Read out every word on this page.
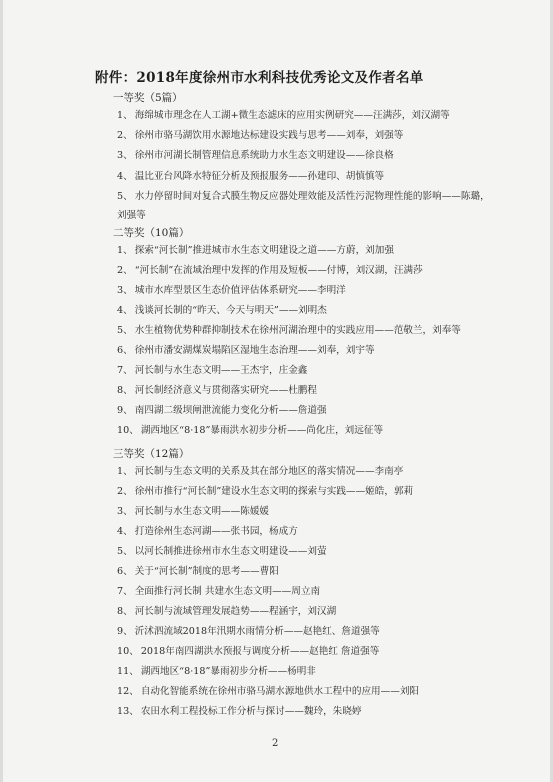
附件：2018年度徐州市水利科技优秀论文及作者名单
一等奖（5篇）
1、 海绵城市理念在人工湖+微生态滤床的应用实例研究——汪满莎，刘汉湖等
2、 徐州市骆马湖饮用水源地达标建设实践与思考——刘奉，刘强等
3、 徐州市河湖长制管理信息系统助力水生态文明建设——徐良格
4、 温比亚台风降水特征分析及预报服务——孙建印、胡慎慎等
5、 水力停留时间对复合式膜生物反应器处理效能及活性污泥物理性能的影响——陈璐，
刘强等
二等奖（10篇）
1、 探索“河长制”推进城市水生态文明建设之道——方蔚，刘加强
2、 “河长制”在流域治理中发挥的作用及短板——付博，刘汉湖，汪满莎
3、 城市水库型景区生态价值评估体系研究——李明洋
4、 浅谈河长制的“昨天、今天与明天”——刘明杰
5、 水生植物优势种群抑制技术在徐州河湖治理中的实践应用——范敬兰，刘奉等
6、 徐州市潘安湖煤炭塌陷区湿地生态治理——刘奉，刘宇等
7、 河长制与水生态文明——王杰宇，庄金鑫
8、 河长制经济意义与贯彻落实研究——杜鹏程
9、 南四湖二级坝闸泄流能力变化分析——詹道强
10、 湖西地区“8·18”暴雨洪水初步分析——尚化庄，刘远征等
三等奖（12篇）
1、 河长制与生态文明的关系及其在部分地区的落实情况——李南亭
2、 徐州市推行“河长制”建设水生态文明的探索与实践——姬皓，郭莉
3、 河长制与水生态文明——陈媛媛
4、 打造徐州生态河湖——张书园，杨成方
5、 以河长制推进徐州市水生态文明建设——刘萤
6、 关于“河长制”制度的思考——曹阳
7、 全面推行河长制 共建水生态文明——周立南
8、 河长制与流域管理发展趋势——程涵宇，刘汉湖
9、 沂沭泗流域2018年汛期水雨情分析——赵艳红、詹道强等
10、 2018年南四湖洪水预报与调度分析——赵艳红 詹道强等
11、 湖西地区“8·18”暴雨初步分析——杨明非
12、 自动化智能系统在徐州市骆马湖水源地供水工程中的应用——刘阳
13、 农田水利工程投标工作分析与探讨——魏玲，朱晓婷
2
